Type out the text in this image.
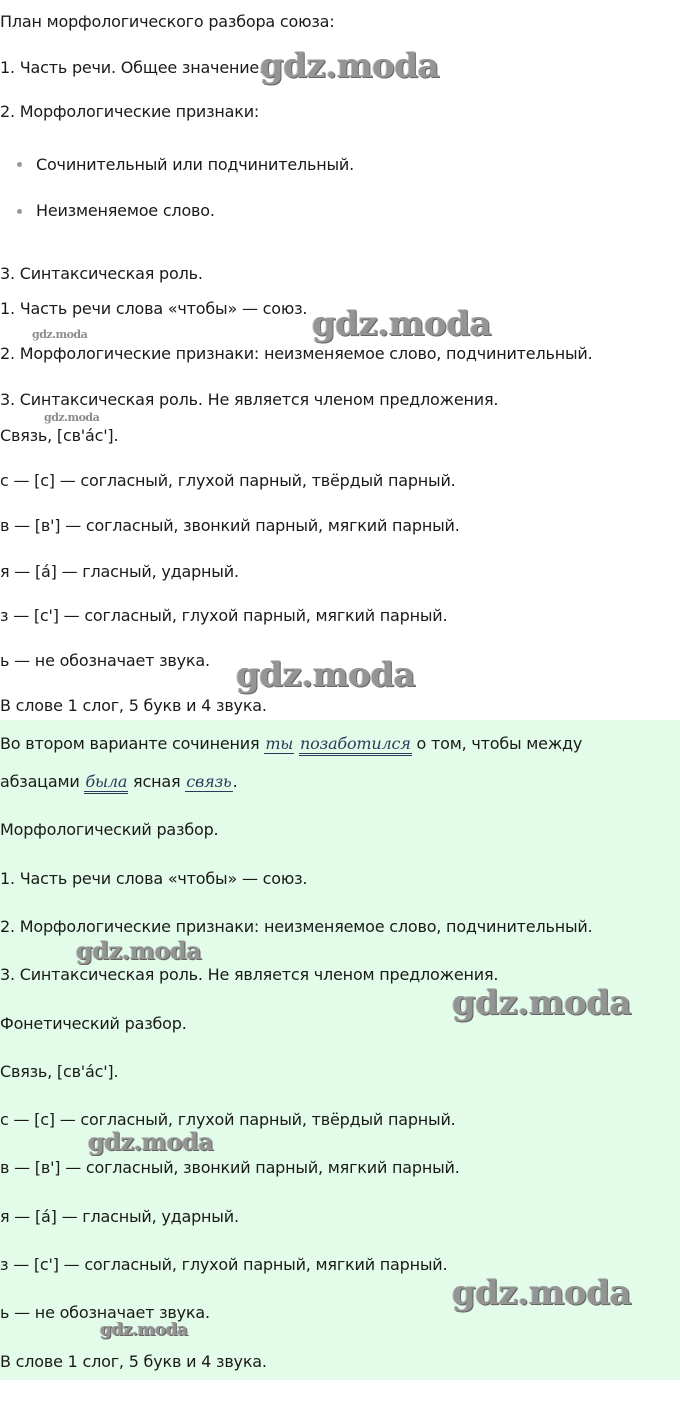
План морфологического разбора союза:
1. Часть речи. Общее значение.
2. Морфологические признаки:
Сочинительный или подчинительный.
Неизменяемое слово.
3. Синтаксическая роль.
1. Часть речи слова «чтобы» — союз.
2. Морфологические признаки: неизменяемое слово, подчинительный.
3. Синтаксическая роль. Не является членом предложения.
Связь, [св'а́с'].
с — [с] — согласный, глухой парный, твёрдый парный.
в — [в'] — согласный, звонкий парный, мягкий парный.
я — [а́] — гласный, ударный.
з — [с'] — согласный, глухой парный, мягкий парный.
ь — не обозначает звука.
В слове 1 слог, 5 букв и 4 звука.
Во втором варианте сочинения ты позаботился о том, чтобы между
абзацами была ясная связь.
Морфологический разбор.
1. Часть речи слова «чтобы» — союз.
2. Морфологические признаки: неизменяемое слово, подчинительный.
3. Синтаксическая роль. Не является членом предложения.
Фонетический разбор.
Связь, [св'а́с'].
с — [с] — согласный, глухой парный, твёрдый парный.
в — [в'] — согласный, звонкий парный, мягкий парный.
я — [а́] — гласный, ударный.
з — [с'] — согласный, глухой парный, мягкий парный.
ь — не обозначает звука.
В слове 1 слог, 5 букв и 4 звука.
gdz.moda
gdz.moda
gdz.moda
gdz.moda
gdz.moda
gdz.moda
gdz.moda
gdz.moda
gdz.moda
gdz.moda
